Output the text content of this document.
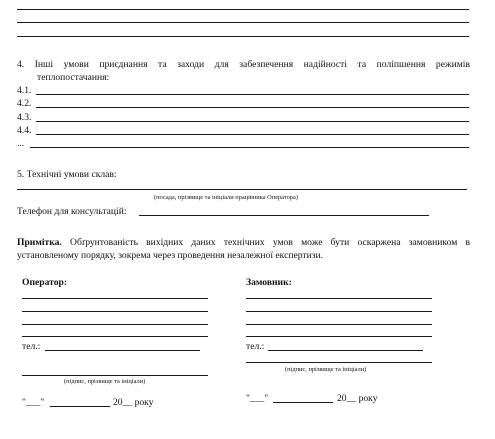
4. Інші умови приєднання та заходи для забезпечення надійності та поліпшення режимів
теплопостачання:
4.1.
4.2.
4.3.
4.4.
...
5. Технічні умови склав:
(посада, прізвище та ініціали працівника Оператора)
Телефон для консультацій:
Примітка. Обґрунтованість вихідних даних технічних умов може бути оскаржена замовником в
установленому порядку, зокрема через проведення незалежної експертизи.
Оператор:
тел.:
(підпис, прізвище та ініціали)
"___"	20__ року
Замовник:
тел.:
(підпис, прізвище та ініціали)
"___"	20__ року
